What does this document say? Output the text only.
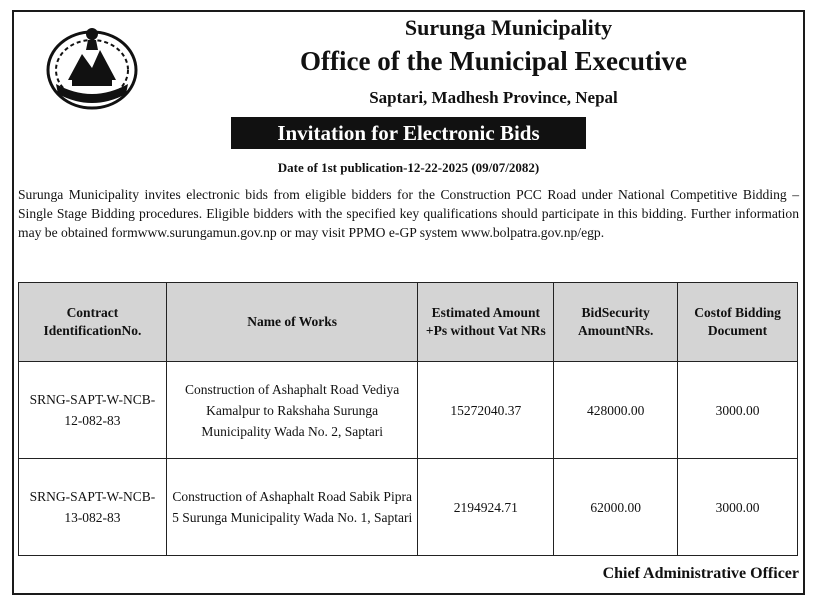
Surunga Municipality
Office of the Municipal Executive
Saptari, Madhesh Province, Nepal
Invitation for Electronic Bids
Date of 1st publication-12-22-2025 (09/07/2082)
Surunga Municipality invites electronic bids from eligible bidders for the Construction PCC Road under National Competitive Bidding – Single Stage Bidding procedures. Eligible bidders with the specified key qualifications should participate in this bidding. Further information may be obtained formwww.surungamun.gov.np or may visit PPMO e-GP system www.bolpatra.gov.np/egp.
Contract IdentificationNo.	Name of Works	Estimated Amount +Ps without Vat NRs	BidSecurity AmountNRs.	Costof Bidding Document
SRNG-SAPT-W-NCB-12-082-83	Construction of Ashaphalt Road Vediya Kamalpur to Rakshaha Surunga Municipality Wada No. 2, Saptari	15272040.37	428000.00	3000.00
SRNG-SAPT-W-NCB-13-082-83	Construction of Ashaphalt Road Sabik Pipra 5 Surunga Municipality Wada No. 1, Saptari	2194924.71	62000.00	3000.00
Chief Administrative Officer
